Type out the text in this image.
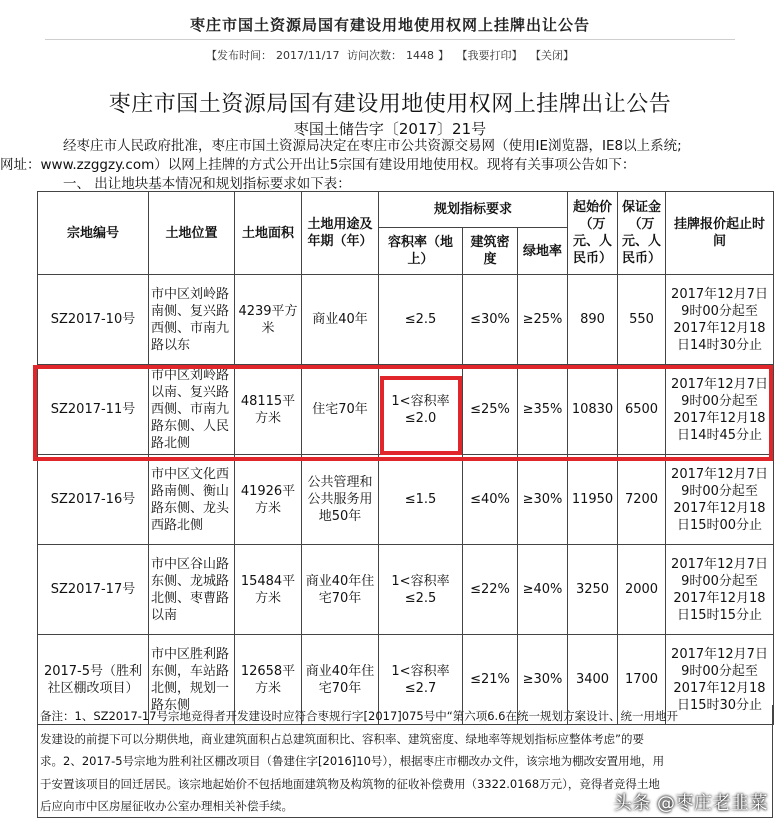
枣庄市国土资源局国有建设用地使用权网上挂牌出让公告
【发布时间： 2017/11/17 访问次数： 1448 】 【我要打印】 【关闭】
枣庄市国土资源局国有建设用地使用权网上挂牌出让公告
枣国土储告字〔2017〕21号
经枣庄市人民政府批准，枣庄市国土资源局决定在枣庄市公共资源交易网（使用IE浏览器，IE8以上系统;
网址：www.zzggzy.com）以网上挂牌的方式公开出让5宗国有建设用地使用权。现将有关事项公告如下：
一、 出让地块基本情况和规划指标要求如下表：
宗地编号	土地位置	土地面积	土地用途及年期（年）	规划指标要求			起始价（万元、人民币）	保证金（万元、人民币）	挂牌报价起止时间
				容积率（地上）	建筑密度	绿地率			
SZ2017-10号	市中区刘岭路南侧、复兴路西侧、市南九路以东	4239平方米	商业40年	≤2.5	≤30%	≥25%	890	550	2017年12月7日9时00分起至2017年12月18日14时30分止
SZ2017-11号	市中区刘岭路以南、复兴路西侧、市南九路东侧、人民路北侧	48115平方米	住宅70年	1<容积率≤2.0	≤25%	≥35%	10830	6500	2017年12月7日9时00分起至2017年12月18日14时45分止
SZ2017-16号	市中区文化西路南侧、衡山路东侧、龙头西路北侧	41926平方米	公共管理和公共服务用地50年	≤1.5	≤40%	≥30%	11950	7200	2017年12月7日9时00分起至2017年12月18日15时00分止
SZ2017-17号	市中区谷山路东侧、龙城路北侧、枣曹路以南	15484平方米	商业40年住宅70年	1<容积率≤2.5	≤22%	≥40%	3250	2000	2017年12月7日9时00分起至2017年12月18日15时15分止
2017-5号（胜利社区棚改项目）	市中区胜利路东侧，车站路北侧，规划一路东侧	12658平方米	商业40年住宅70年	1<容积率≤2.7	≤21%	≥30%	3400	1700	2017年12月7日9时00分起至2017年12月18日15时30分止
备注：1、SZ2017-17号宗地竞得者开发建设时应符合枣规行字[2017]075号中“第六项6.6在统一规划方案设计、统一用地开
发建设的前提下可以分期供地，商业建筑面积占总建筑面积比、容积率、建筑密度、绿地率等规划指标应整体考虑”的要
求。2、2017-5号宗地为胜利社区棚改项目（鲁建住字[2016]10号），根据枣庄市棚改办文件，该宗地为棚改安置用地，用
于安置该项目的回迁居民。该宗地起始价不包括地面建筑物及构筑物的征收补偿费用（3322.0168万元），竞得者竞得土地
后应向市中区房屋征收办公室办理相关补偿手续。	头条 @枣庄老韭菜
